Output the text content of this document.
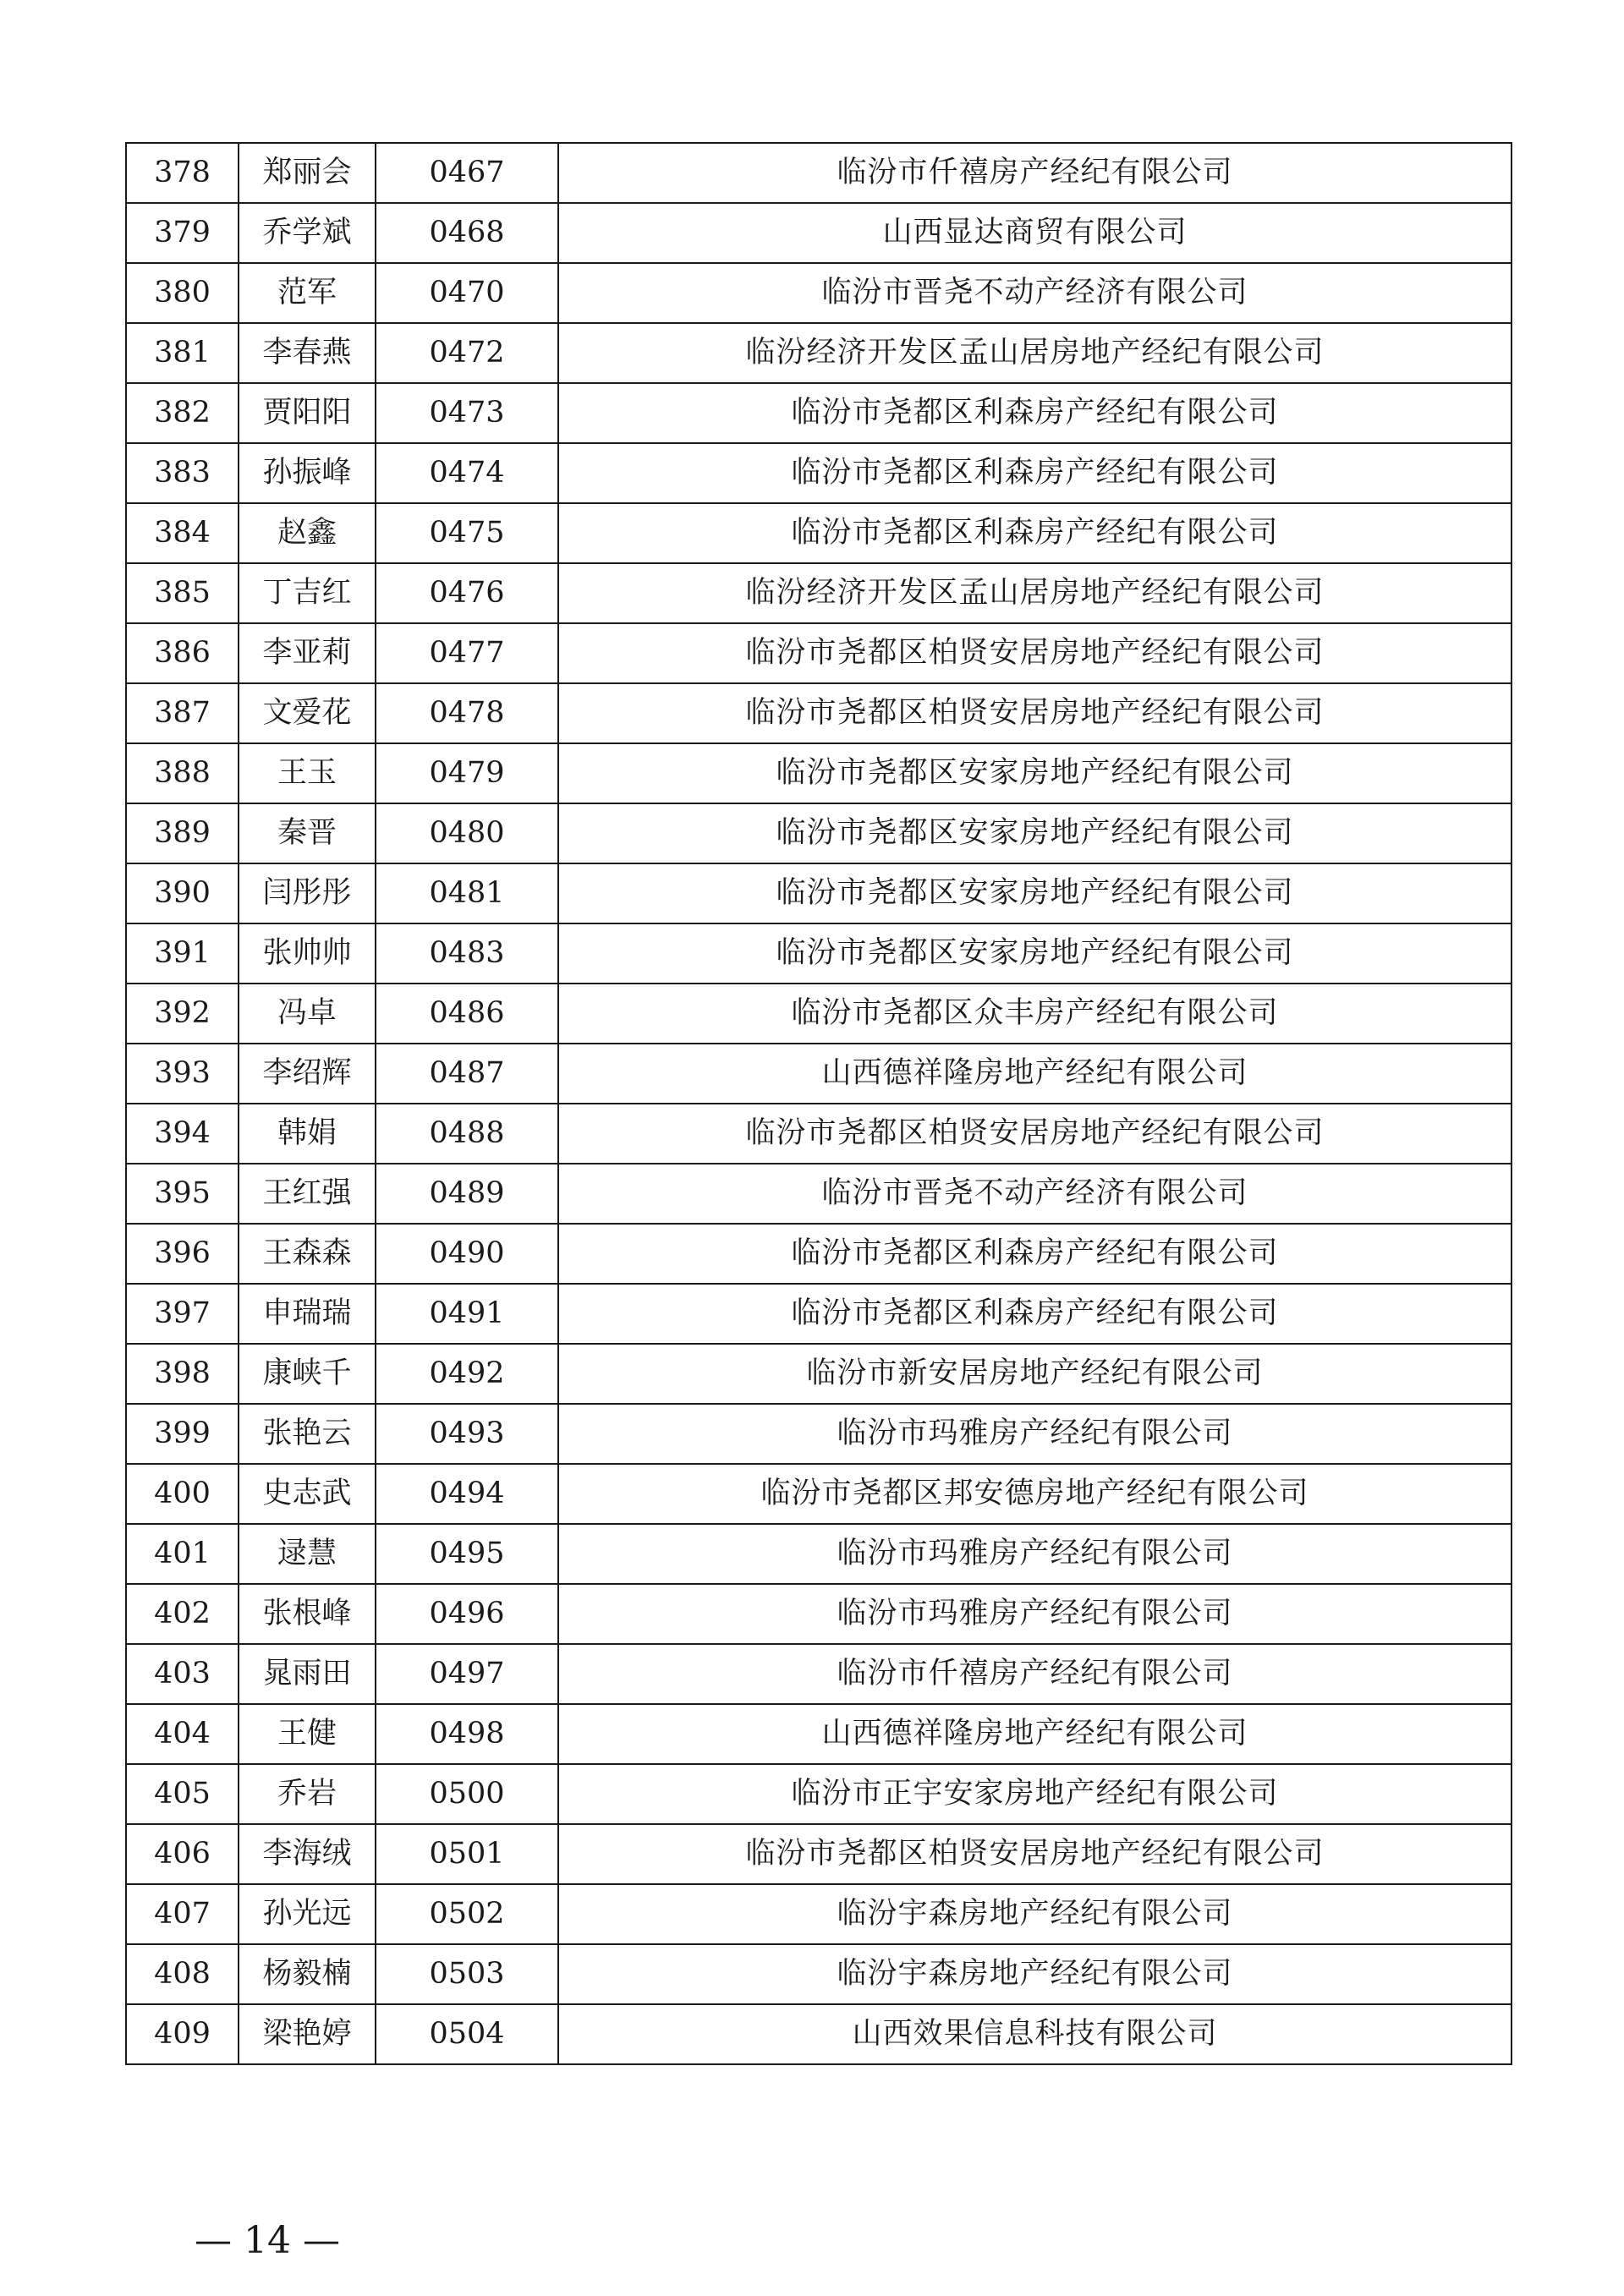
378	郑丽会	0467	临汾市仟禧房产经纪有限公司
379	乔学斌	0468	山西显达商贸有限公司
380	范军	0470	临汾市晋尧不动产经济有限公司
381	李春燕	0472	临汾经济开发区孟山居房地产经纪有限公司
382	贾阳阳	0473	临汾市尧都区利森房产经纪有限公司
383	孙振峰	0474	临汾市尧都区利森房产经纪有限公司
384	赵鑫	0475	临汾市尧都区利森房产经纪有限公司
385	丁吉红	0476	临汾经济开发区孟山居房地产经纪有限公司
386	李亚莉	0477	临汾市尧都区柏贤安居房地产经纪有限公司
387	文爱花	0478	临汾市尧都区柏贤安居房地产经纪有限公司
388	王玉	0479	临汾市尧都区安家房地产经纪有限公司
389	秦晋	0480	临汾市尧都区安家房地产经纪有限公司
390	闫彤彤	0481	临汾市尧都区安家房地产经纪有限公司
391	张帅帅	0483	临汾市尧都区安家房地产经纪有限公司
392	冯卓	0486	临汾市尧都区众丰房产经纪有限公司
393	李绍辉	0487	山西德祥隆房地产经纪有限公司
394	韩娟	0488	临汾市尧都区柏贤安居房地产经纪有限公司
395	王红强	0489	临汾市晋尧不动产经济有限公司
396	王森森	0490	临汾市尧都区利森房产经纪有限公司
397	申瑞瑞	0491	临汾市尧都区利森房产经纪有限公司
398	康峡千	0492	临汾市新安居房地产经纪有限公司
399	张艳云	0493	临汾市玛雅房产经纪有限公司
400	史志武	0494	临汾市尧都区邦安德房地产经纪有限公司
401	逯慧	0495	临汾市玛雅房产经纪有限公司
402	张根峰	0496	临汾市玛雅房产经纪有限公司
403	晁雨田	0497	临汾市仟禧房产经纪有限公司
404	王健	0498	山西德祥隆房地产经纪有限公司
405	乔岩	0500	临汾市正宇安家房地产经纪有限公司
406	李海绒	0501	临汾市尧都区柏贤安居房地产经纪有限公司
407	孙光远	0502	临汾宇森房地产经纪有限公司
408	杨毅楠	0503	临汾宇森房地产经纪有限公司
409	梁艳婷	0504	山西效果信息科技有限公司
— 14 —
